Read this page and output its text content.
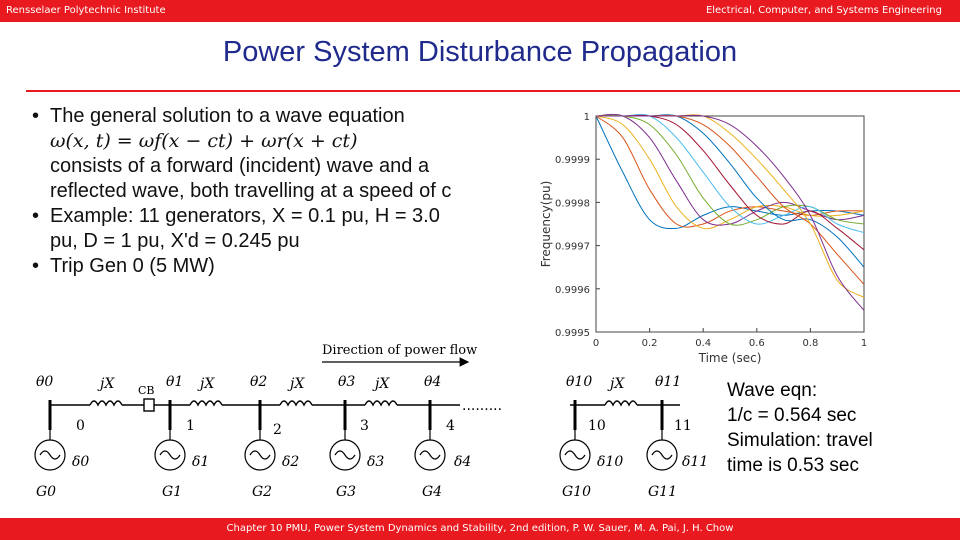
Rensselaer Polytechnic Institute	Electrical, Computer, and Systems Engineering
Power System Disturbance Propagation
• The general solution to a wave equation
ω(x, t) = ωf(x − ct) + ωr(x + ct)
consists of a forward (incident) wave and a reflected wave, both travelling at a speed of c
• Example: 11 generators, X = 0.1 pu, H = 3.0 pu, D = 1 pu, X'd = 0.245 pu
• Trip Gen 0 (5 MW)
0.9995
0.9996
0.9997
0.9998
0.9999
1
0	0.2	0.4	0.6	0.8	1
Time (sec)
Frequency(pu)
Direction of power flow
.........
jX	jX	jX	jX	jX
CB
θ0
0
δ0
G0
θ1
1
δ1
G1
θ2
2
δ2
G2
θ3
3
δ3
G3
θ4
4
δ4
G4
θ10
10
δ10
G10
θ11
11
δ11
G11
Wave eqn:
1/c = 0.564 sec
Simulation: travel
time is 0.53 sec
Chapter 10 PMU, Power System Dynamics and Stability, 2nd edition, P. W. Sauer, M. A. Pai, J. H. Chow
